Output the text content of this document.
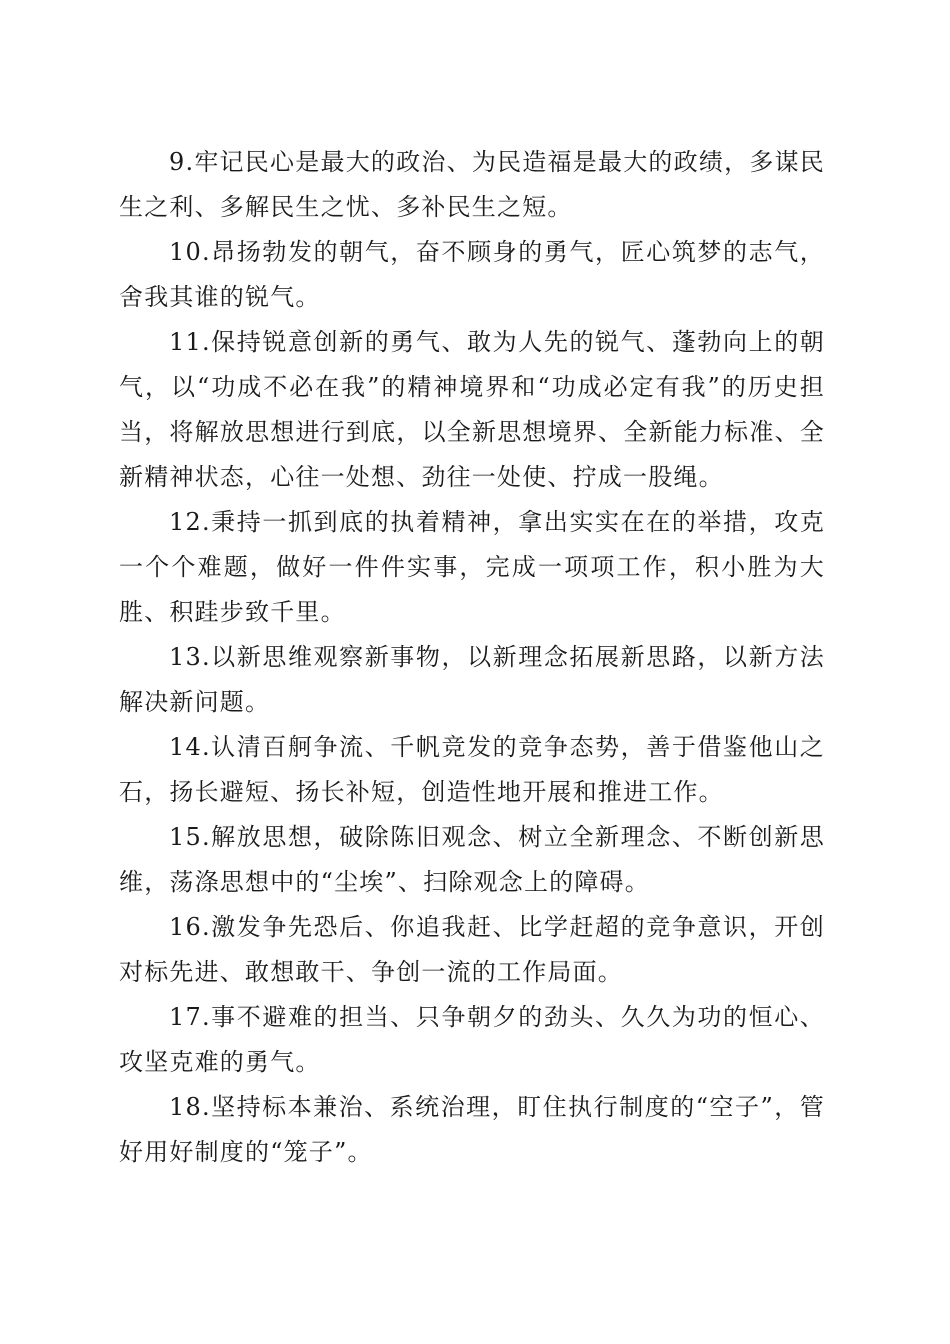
9.牢记民心是最大的政治、为民造福是最大的政绩，多谋民生之利、多解民生之忧、多补民生之短。

10.昂扬勃发的朝气，奋不顾身的勇气，匠心筑梦的志气，舍我其谁的锐气。

11.保持锐意创新的勇气、敢为人先的锐气、蓬勃向上的朝气，以“功成不必在我”的精神境界和“功成必定有我”的历史担当，将解放思想进行到底，以全新思想境界、全新能力标准、全新精神状态，心往一处想、劲往一处使、拧成一股绳。

12.秉持一抓到底的执着精神，拿出实实在在的举措，攻克一个个难题，做好一件件实事，完成一项项工作，积小胜为大胜、积跬步致千里。

13.以新思维观察新事物，以新理念拓展新思路，以新方法解决新问题。

14.认清百舸争流、千帆竞发的竞争态势，善于借鉴他山之石，扬长避短、扬长补短，创造性地开展和推进工作。

15.解放思想，破除陈旧观念、树立全新理念、不断创新思维，荡涤思想中的“尘埃”、扫除观念上的障碍。

16.激发争先恐后、你追我赶、比学赶超的竞争意识，开创对标先进、敢想敢干、争创一流的工作局面。

17.事不避难的担当、只争朝夕的劲头、久久为功的恒心、攻坚克难的勇气。

18.坚持标本兼治、系统治理，盯住执行制度的“空子”，管好用好制度的“笼子”。
